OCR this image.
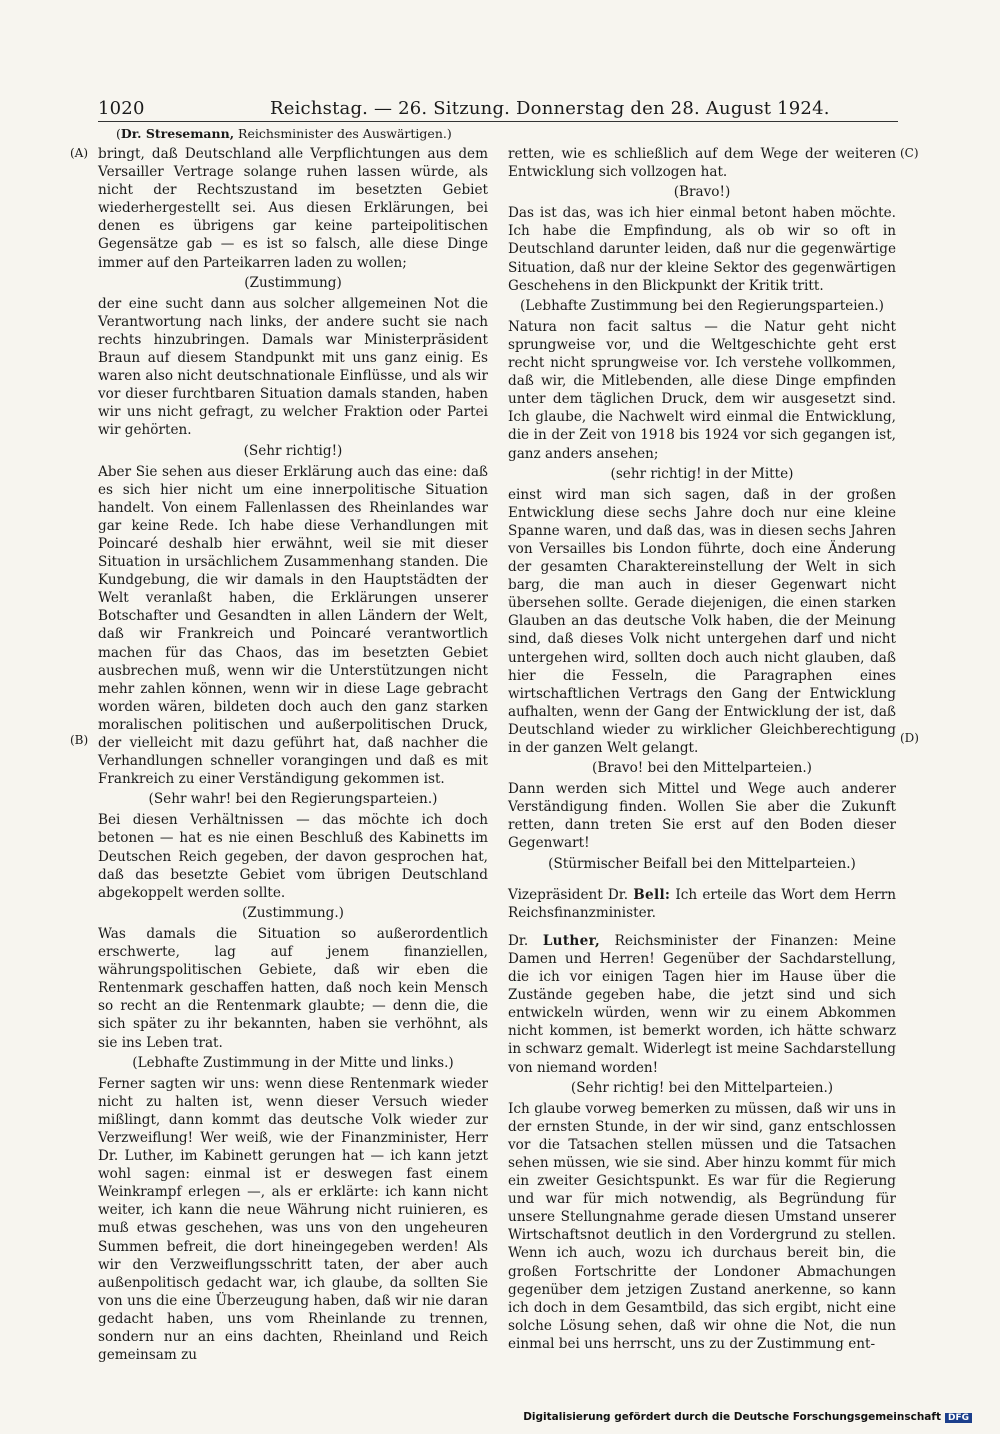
1020	Reichstag. — 26. Sitzung. Donnerstag den 28. August 1924.
(Dr. Stresemann, Reichsminister des Auswärtigen.)
(A)
(B)
(C)
(D)

bringt, daß Deutschland alle Verpflichtungen aus dem Versailler Vertrage solange ruhen lassen würde, als nicht der Rechtszustand im besetzten Gebiet wiederhergestellt sei. Aus diesen Erklärungen, bei denen es übrigens gar keine parteipolitischen Gegensätze gab — es ist so falsch, alle diese Dinge immer auf den Parteikarren laden zu wollen;

(Zustimmung)

der eine sucht dann aus solcher allgemeinen Not die Verantwortung nach links, der andere sucht sie nach rechts hinzubringen. Damals war Ministerpräsident Braun auf diesem Standpunkt mit uns ganz einig. Es waren also nicht deutschnationale Einflüsse, und als wir vor dieser furchtbaren Situation damals standen, haben wir uns nicht gefragt, zu welcher Fraktion oder Partei wir gehörten.

(Sehr richtig!)

Aber Sie sehen aus dieser Erklärung auch das eine: daß es sich hier nicht um eine innerpolitische Situation handelt. Von einem Fallenlassen des Rheinlandes war gar keine Rede. Ich habe diese Verhandlungen mit Poincaré deshalb hier erwähnt, weil sie mit dieser Situation in ursächlichem Zusammenhang standen. Die Kundgebung, die wir damals in den Hauptstädten der Welt veranlaßt haben, die Erklärungen unserer Botschafter und Gesandten in allen Ländern der Welt, daß wir Frankreich und Poincaré verantwortlich machen für das Chaos, das im besetzten Gebiet ausbrechen muß, wenn wir die Unterstützungen nicht mehr zahlen können, wenn wir in diese Lage gebracht worden wären, bildeten doch auch den ganz starken moralischen politischen und außerpolitischen Druck, der vielleicht mit dazu geführt hat, daß nachher die Verhandlungen schneller vorangingen und daß es mit Frankreich zu einer Verständigung gekommen ist.

(Sehr wahr! bei den Regierungsparteien.)

Bei diesen Verhältnissen — das möchte ich doch betonen — hat es nie einen Beschluß des Kabinetts im Deutschen Reich gegeben, der davon gesprochen hat, daß das besetzte Gebiet vom übrigen Deutschland abgekoppelt werden sollte.

(Zustimmung.)

Was damals die Situation so außerordentlich erschwerte, lag auf jenem finanziellen, währungspolitischen Gebiete, daß wir eben die Rentenmark geschaffen hatten, daß noch kein Mensch so recht an die Rentenmark glaubte; — denn die, die sich später zu ihr bekannten, haben sie verhöhnt, als sie ins Leben trat.

(Lebhafte Zustimmung in der Mitte und links.)

Ferner sagten wir uns: wenn diese Rentenmark wieder nicht zu halten ist, wenn dieser Versuch wieder mißlingt, dann kommt das deutsche Volk wieder zur Verzweiflung! Wer weiß, wie der Finanzminister, Herr Dr. Luther, im Kabinett gerungen hat — ich kann jetzt wohl sagen: einmal ist er deswegen fast einem Weinkrampf erlegen —, als er erklärte: ich kann nicht weiter, ich kann die neue Währung nicht ruinieren, es muß etwas geschehen, was uns von den ungeheuren Summen befreit, die dort hineingegeben werden! Als wir den Verzweiflungsschritt taten, der aber auch außenpolitisch gedacht war, ich glaube, da sollten Sie von uns die eine Überzeugung haben, daß wir nie daran gedacht haben, uns vom Rheinlande zu trennen, sondern nur an eins dachten, Rheinland und Reich gemeinsam zu

retten, wie es schließlich auf dem Wege der weiteren Entwicklung sich vollzogen hat.

(Bravo!)

Das ist das, was ich hier einmal betont haben möchte. Ich habe die Empfindung, als ob wir so oft in Deutschland darunter leiden, daß nur die gegenwärtige Situation, daß nur der kleine Sektor des gegenwärtigen Geschehens in den Blickpunkt der Kritik tritt.

(Lebhafte Zustimmung bei den Regierungsparteien.)

Natura non facit saltus — die Natur geht nicht sprungweise vor, und die Weltgeschichte geht erst recht nicht sprungweise vor. Ich verstehe vollkommen, daß wir, die Mitlebenden, alle diese Dinge empfinden unter dem täglichen Druck, dem wir ausgesetzt sind. Ich glaube, die Nachwelt wird einmal die Entwicklung, die in der Zeit von 1918 bis 1924 vor sich gegangen ist, ganz anders ansehen;

(sehr richtig! in der Mitte)

einst wird man sich sagen, daß in der großen Entwicklung diese sechs Jahre doch nur eine kleine Spanne waren, und daß das, was in diesen sechs Jahren von Versailles bis London führte, doch eine Änderung der gesamten Charaktereinstellung der Welt in sich barg, die man auch in dieser Gegenwart nicht übersehen sollte. Gerade diejenigen, die einen starken Glauben an das deutsche Volk haben, die der Meinung sind, daß dieses Volk nicht untergehen darf und nicht untergehen wird, sollten doch auch nicht glauben, daß hier die Fesseln, die Paragraphen eines wirtschaftlichen Vertrags den Gang der Entwicklung aufhalten, wenn der Gang der Entwicklung der ist, daß Deutschland wieder zu wirklicher Gleichberechtigung in der ganzen Welt gelangt.

(Bravo! bei den Mittelparteien.)

Dann werden sich Mittel und Wege auch anderer Verständigung finden. Wollen Sie aber die Zukunft retten, dann treten Sie erst auf den Boden dieser Gegenwart!

(Stürmischer Beifall bei den Mittelparteien.)

Vizepräsident Dr. Bell: Ich erteile das Wort dem Herrn Reichsfinanzminister.

Dr. Luther, Reichsminister der Finanzen: Meine Damen und Herren! Gegenüber der Sachdarstellung, die ich vor einigen Tagen hier im Hause über die Zustände gegeben habe, die jetzt sind und sich entwickeln würden, wenn wir zu einem Abkommen nicht kommen, ist bemerkt worden, ich hätte schwarz in schwarz gemalt. Widerlegt ist meine Sachdarstellung von niemand worden!

(Sehr richtig! bei den Mittelparteien.)

Ich glaube vorweg bemerken zu müssen, daß wir uns in der ernsten Stunde, in der wir sind, ganz entschlossen vor die Tatsachen stellen müssen und die Tatsachen sehen müssen, wie sie sind. Aber hinzu kommt für mich ein zweiter Gesichtspunkt. Es war für die Regierung und war für mich notwendig, als Begründung für unsere Stellungnahme gerade diesen Umstand unserer Wirtschaftsnot deutlich in den Vordergrund zu stellen. Wenn ich auch, wozu ich durchaus bereit bin, die großen Fortschritte der Londoner Abmachungen gegenüber dem jetzigen Zustand anerkenne, so kann ich doch in dem Gesamtbild, das sich ergibt, nicht eine solche Lösung sehen, daß wir ohne die Not, die nun einmal bei uns herrscht, uns zu der Zustimmung ent-

Digitalisierung gefördert durch die Deutsche Forschungsgemeinschaft DFG
